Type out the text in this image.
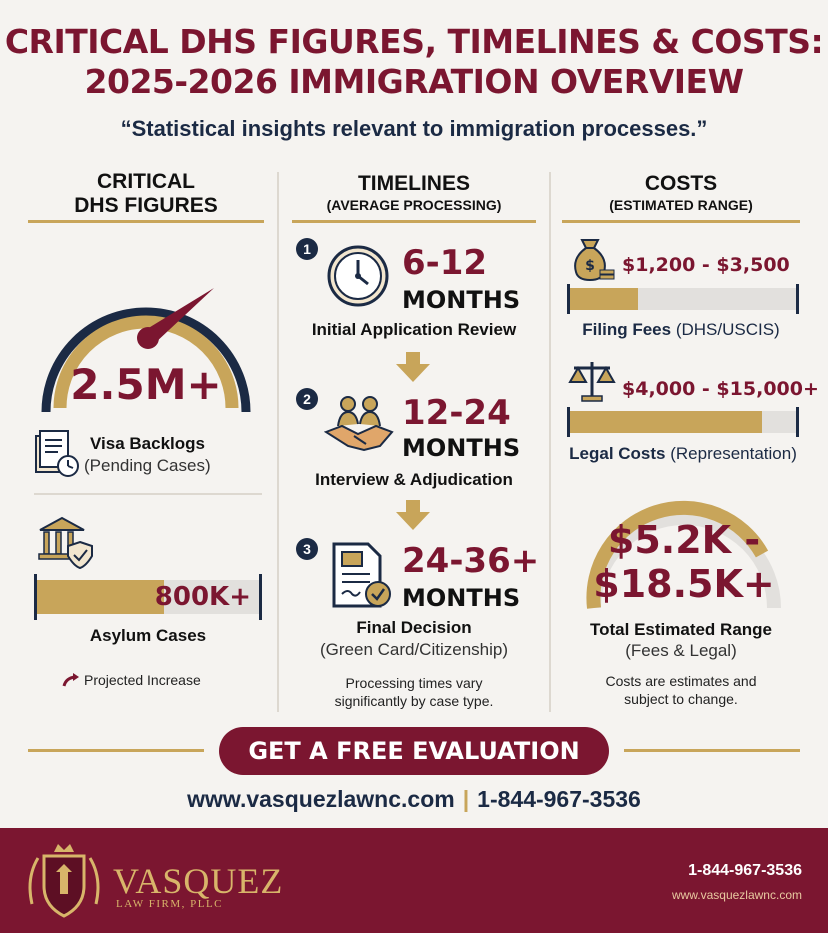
CRITICAL DHS FIGURES, TIMELINES & COSTS:
2025-2026 IMMIGRATION OVERVIEW
“Statistical insights relevant to immigration processes.”
CRITICAL
DHS FIGURES
2.5M+
Visa Backlogs
(Pending Cases)
800K+
Asylum Cases
Projected Increase
TIMELINES
(AVERAGE PROCESSING)
1	6-12
MONTHS
Initial Application Review
2	12-24
MONTHS
Interview & Adjudication
3	24-36+
MONTHS
Final Decision
(Green Card/Citizenship)
Processing times vary
significantly by case type.
COSTS
(ESTIMATED RANGE)
$ $1,200 - $3,500
Filing Fees (DHS/USCIS)
$4,000 - $15,000+
Legal Costs (Representation)
$5.2K -
$18.5K+
Total Estimated Range
(Fees & Legal)
Costs are estimates and
subject to change.
GET A FREE EVALUATION
www.vasquezlawnc.com | 1-844-967-3536
VASQUEZ
LAW FIRM, PLLC
1-844-967-3536
www.vasquezlawnc.com
